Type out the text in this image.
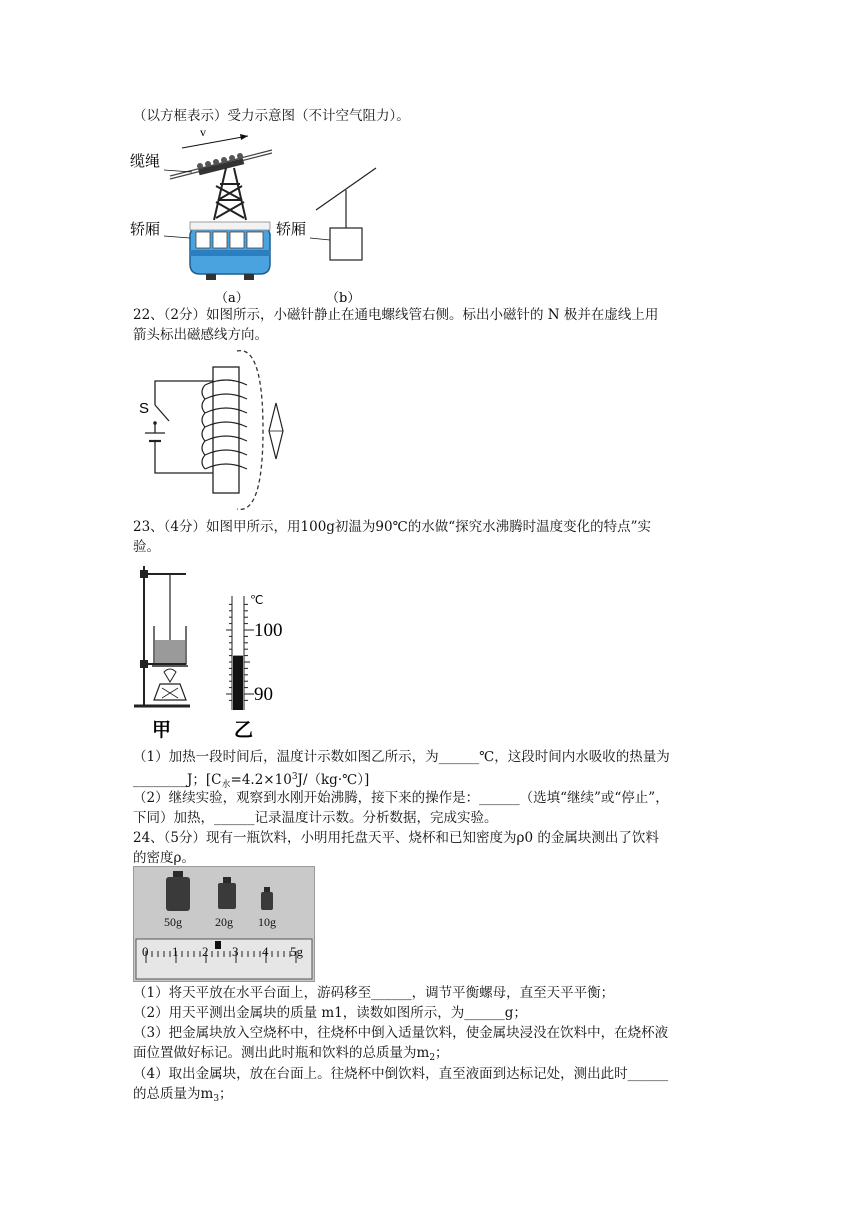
（以方框表示）受力示意图（不计空气阻力）。
v
缆绳
轿厢
（a）
轿厢
（b）
22、（2分）如图所示，小磁针静止在通电螺线管右侧。标出小磁针的 N 极并在虚线上用
箭头标出磁感线方向。
S
23、（4分）如图甲所示，用100g初温为90℃的水做“探究水沸腾时温度变化的特点”实
验。
甲
℃
100
90
乙
（1）加热一段时间后，温度计示数如图乙所示，为______℃，这段时间内水吸收的热量为
________J；$[C_水=4.2\times 10^3J/(kg\cdot℃)]$
（2）继续实验，观察到水刚开始沸腾，接下来的操作是：______（选填“继续”或“停止”，
下同）加热，______记录温度计示数。分析数据，完成实验。
24、（5分）现有一瓶饮料，小明用托盘天平、烧杯和已知密度为ρ0 的金属块测出了饮料
的密度ρ。
50g	20g 10g
0 1 2 3 4 5g
（1）将天平放在水平台面上，游码移至______，调节平衡螺母，直至天平平衡；
（2）用天平测出金属块的质量 m1，读数如图所示，为______g；
（3）把金属块放入空烧杯中，往烧杯中倒入适量饮料，使金属块浸没在饮料中，在烧杯液
面位置做好标记。测出此时瓶和饮料的总质量为$m_2$；
（4）取出金属块，放在台面上。往烧杯中倒饮料，直至液面到达标记处，测出此时______
的总质量为$m_3$；
